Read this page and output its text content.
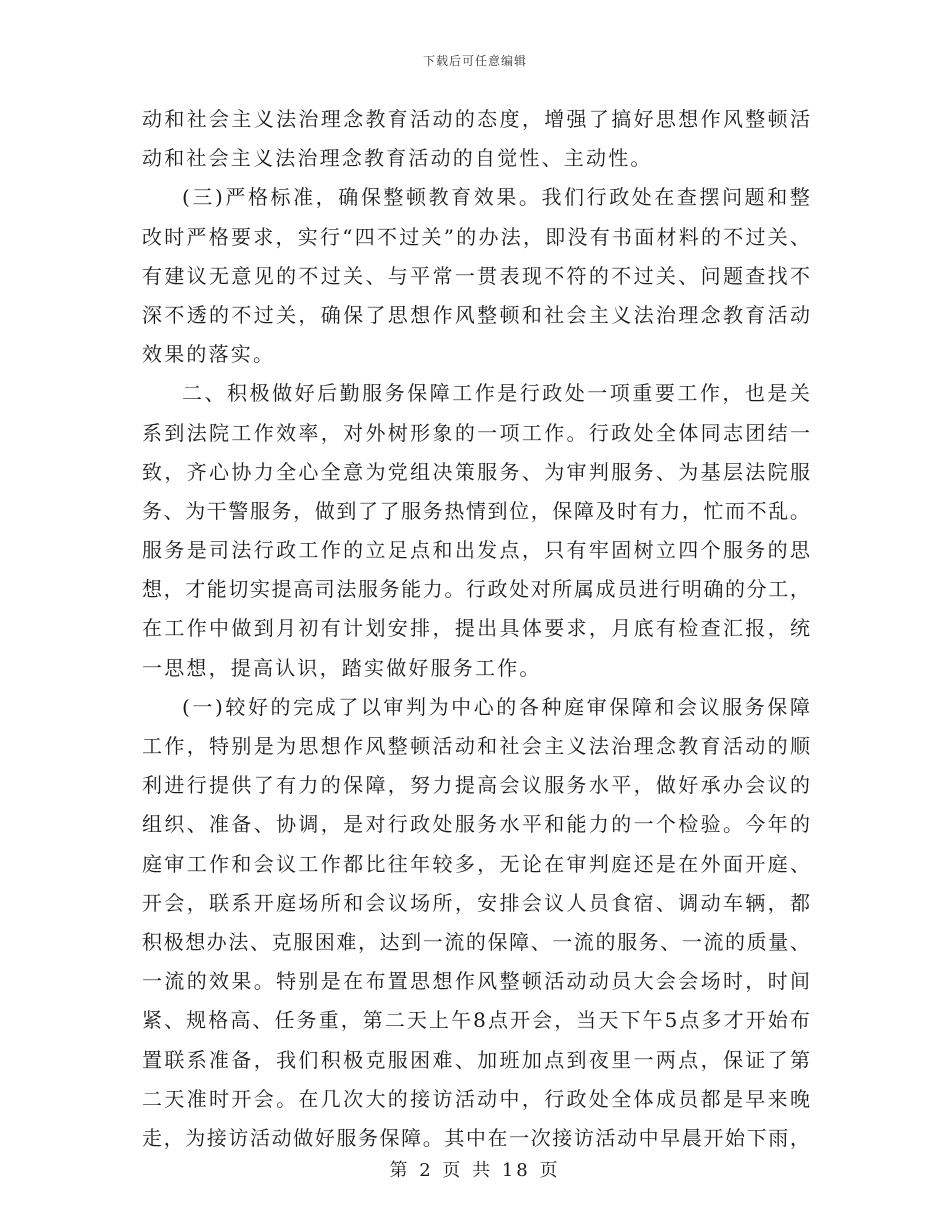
下载后可任意编辑
动 和 社 会 主 义 法 治 理 念 教 育 活 动 的 态 度 ， 增 强 了 搞 好 思 想 作 风 整 顿 活
动和社会主义法治理念教育活动的自觉性、主动性。
( 三 ) 严 格 标 准 ， 确 保 整 顿 教 育 效 果 。 我 们 行 政 处 在 查 摆 问 题 和 整
改 时 严 格 要 求 ， 实 行 “ 四 不 过 关 ” 的 办 法 ， 即 没 有 书 面 材 料 的 不 过 关 、
有 建 议 无 意 见 的 不 过 关 、 与 平 常 一 贯 表 现 不 符 的 不 过 关 、 问 题 查 找 不
深 不 透 的 不 过 关 ， 确 保 了 思 想 作 风 整 顿 和 社 会 主 义 法 治 理 念 教 育 活 动
效果的落实。
二 、 积 极 做 好 后 勤 服 务 保 障 工 作 是 行 政 处 一 项 重 要 工 作 ， 也 是 关
系 到 法 院 工 作 效 率 ， 对 外 树 形 象 的 一 项 工 作 。 行 政 处 全 体 同 志 团 结 一
致 ， 齐 心 协 力 全 心 全 意 为 党 组 决 策 服 务 、 为 审 判 服 务 、 为 基 层 法 院 服
务 、 为 干 警 服 务 ， 做 到 了 了 服 务 热 情 到 位 ， 保 障 及 时 有 力 ， 忙 而 不 乱 。
服 务 是 司 法 行 政 工 作 的 立 足 点 和 出 发 点 ， 只 有 牢 固 树 立 四 个 服 务 的 思
想 ， 才 能 切 实 提 高 司 法 服 务 能 力 。 行 政 处 对 所 属 成 员 进 行 明 确 的 分 工 ，
在 工 作 中 做 到 月 初 有 计 划 安 排 ， 提 出 具 体 要 求 ， 月 底 有 检 查 汇 报 ， 统
一思想，提高认识，踏实做好服务工作。
( 一 ) 较 好 的 完 成 了 以 审 判 为 中 心 的 各 种 庭 审 保 障 和 会 议 服 务 保 障
工 作 ， 特 别 是 为 思 想 作 风 整 顿 活 动 和 社 会 主 义 法 治 理 念 教 育 活 动 的 顺
利 进 行 提 供 了 有 力 的 保 障 ， 努 力 提 高 会 议 服 务 水 平 ， 做 好 承 办 会 议 的
组 织 、 准 备 、 协 调 ， 是 对 行 政 处 服 务 水 平 和 能 力 的 一 个 检 验 。 今 年 的
庭 审 工 作 和 会 议 工 作 都 比 往 年 较 多 ， 无 论 在 审 判 庭 还 是 在 外 面 开 庭 、
开 会 ， 联 系 开 庭 场 所 和 会 议 场 所 ， 安 排 会 议 人 员 食 宿 、 调 动 车 辆 ， 都
积 极 想 办 法 、 克 服 困 难 ， 达 到 一 流 的 保 障 、 一 流 的 服 务 、 一 流 的 质 量 、
一 流 的 效 果 。 特 别 是 在 布 置 思 想 作 风 整 顿 活 动 动 员 大 会 会 场 时 ， 时 间
紧 、 规 格 高 、 任 务 重 ， 第 二 天 上 午 8 点 开 会 ， 当 天 下 午 5 点 多 才 开 始 布
置 联 系 准 备 ， 我 们 积 极 克 服 困 难 、 加 班 加 点 到 夜 里 一 两 点 ， 保 证 了 第
二 天 准 时 开 会 。 在 几 次 大 的 接 访 活 动 中 ， 行 政 处 全 体 成 员 都 是 早 来 晚
走 ， 为 接 访 活 动 做 好 服 务 保 障 。 其 中 在 一 次 接 访 活 动 中 早 晨 开 始 下 雨 ，
第 2 页 共 18 页
